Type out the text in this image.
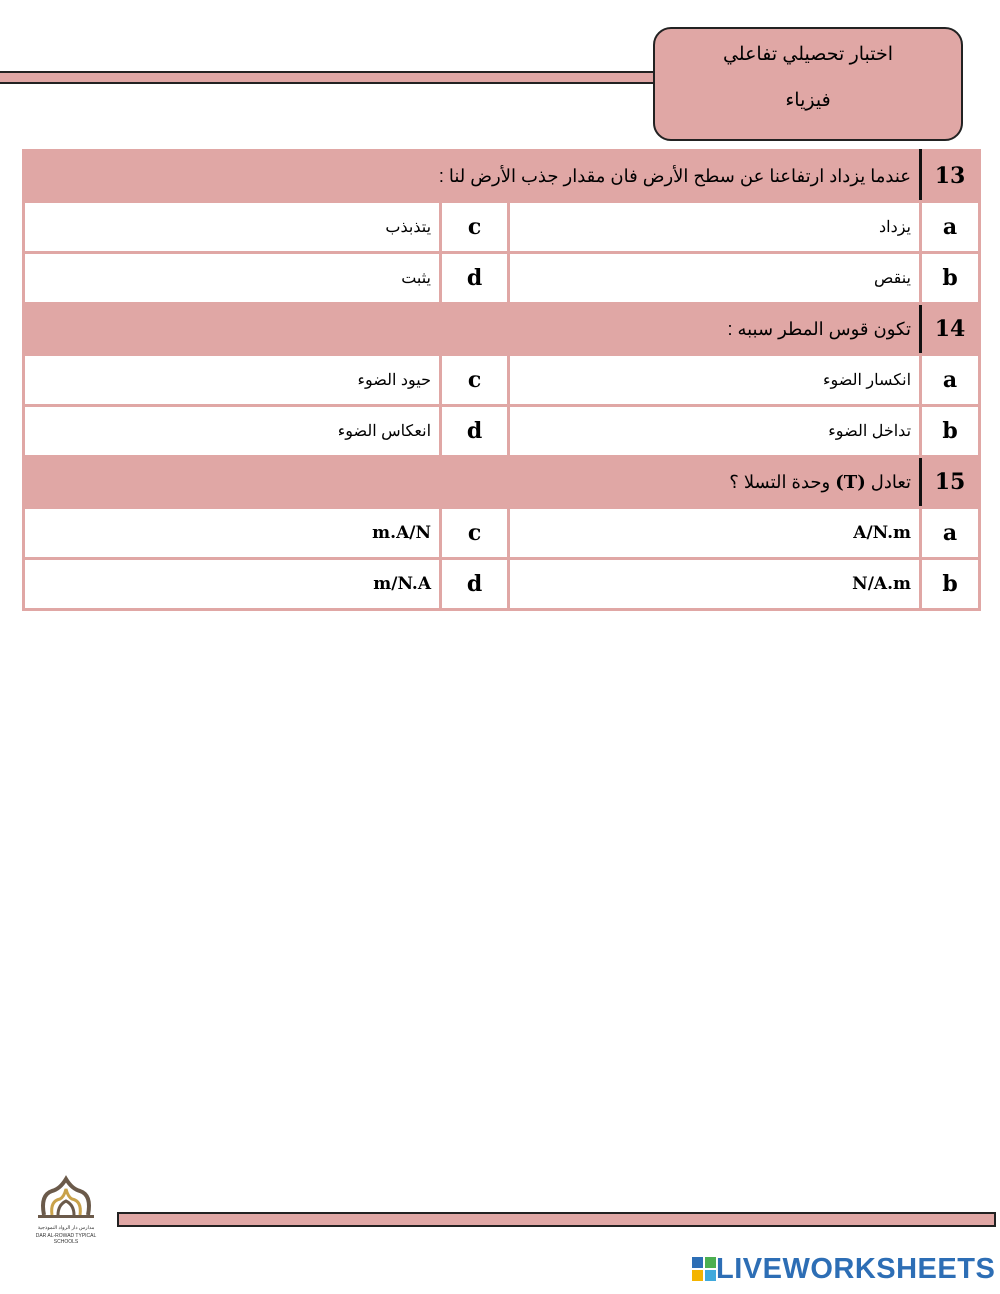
اختبار تحصيلي تفاعلي
فيزياء
13	عندما يزداد ارتفاعنا عن سطح الأرض فان مقدار جذب الأرض لنا :		
a	يزداد	c	يتذبذب
b	ينقص	d	يثبت
14	تكون قوس المطر سببه :		
a	انكسار الضوء	c	حيود الضوء
b	تداخل الضوء	d	انعكاس الضوء
15	تعادل (T) وحدة التسلا ؟		
a	A/N.m	c	m.A/N
b	N/A.m	d	m/N.A
مدارس دار الرواد النموذجية
DAR AL-ROWAD TYPICAL SCHOOLS
LIVEWORKSHEETS
